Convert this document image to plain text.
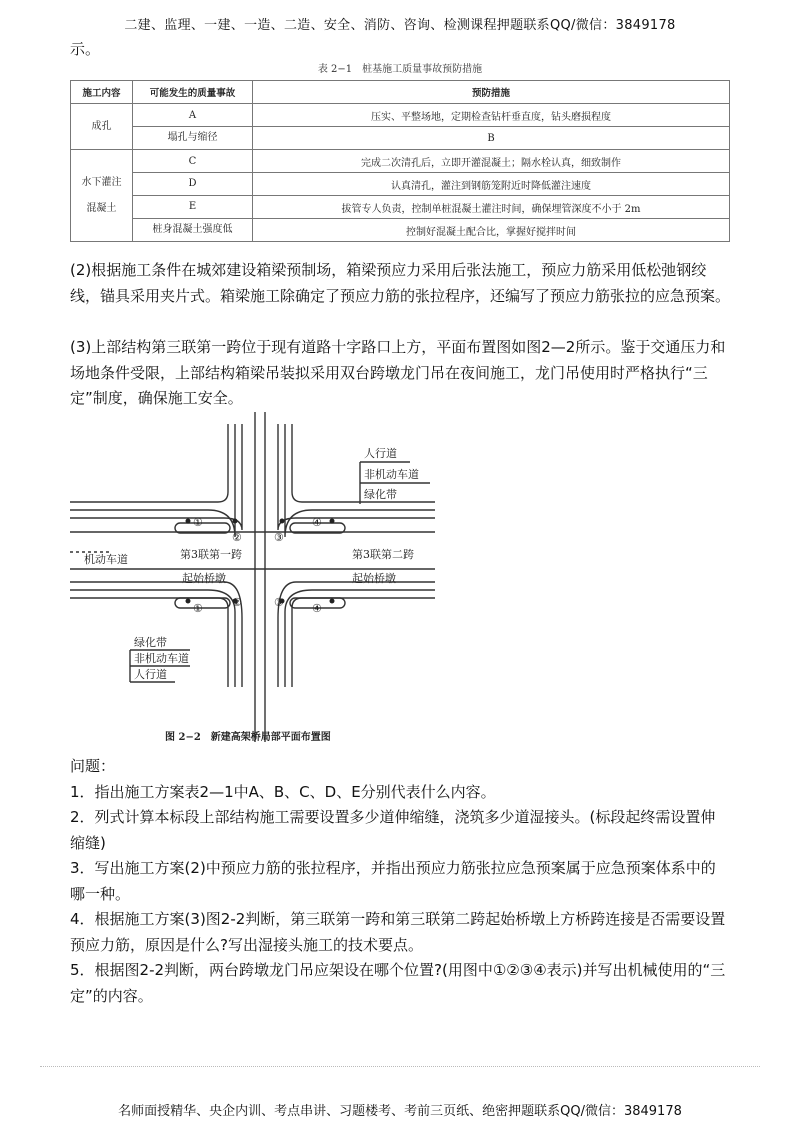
二建、监理、一建、一造、二造、安全、消防、咨询、检测课程押题联系QQ/微信：3849178
示。
表 2−1　桩基施工质量事故预防措施
施工内容	可能发生的质量事故	预防措施
成孔	A	压实、平整场地，定期检查钻杆垂直度，钻头磨损程度
	塌孔与缩径	B
水下灌注
混凝土	C	完成二次清孔后，立即开灌混凝土；隔水栓认真，细致制作
	D	认真清孔，灌注到钢筋笼附近时降低灌注速度
	E	拔管专人负责，控制单桩混凝土灌注时间，确保埋管深度不小于 2m
	桩身混凝土强度低	控制好混凝土配合比，掌握好搅拌时间
(2)根据施工条件在城郊建设箱梁预制场，箱梁预应力采用后张法施工，预应力筋采用低松弛钢绞线，锚具采用夹片式。箱梁施工除确定了预应力筋的张拉程序，还编写了预应力筋张拉的应急预案。
(3)上部结构第三联第一跨位于现有道路十字路口上方，平面布置图如图2—2所示。鉴于交通压力和场地条件受限，上部结构箱梁吊装拟采用双台跨墩龙门吊在夜间施工，龙门吊使用时严格执行“三定”制度，确保施工安全。
人行道
非机动车道
绿化带
机动车道	第3联第一跨
起始桥墩
第3联第二跨
起始桥墩
绿化带
非机动车道
人行道
①
②	③
④
①	②	③	④
图 2−2　新建高架桥局部平面布置图

问题：

1．指出施工方案表2—1中A、B、C、D、E分别代表什么内容。

2．列式计算本标段上部结构施工需要设置多少道伸缩缝，浇筑多少道湿接头。(标段起终需设置伸缩缝)

3．写出施工方案(2)中预应力筋的张拉程序，并指出预应力筋张拉应急预案属于应急预案体系中的哪一种。

4．根据施工方案(3)图2-2判断，第三联第一跨和第三联第二跨起始桥墩上方桥跨连接是否需要设置预应力筋，原因是什么?写出湿接头施工的技术要点。

5．根据图2-2判断，两台跨墩龙门吊应架设在哪个位置?(用图中①②③④表示)并写出机械使用的“三定”的内容。

名师面授精华、央企内训、考点串讲、习题楼考、考前三页纸、绝密押题联系QQ/微信：3849178
